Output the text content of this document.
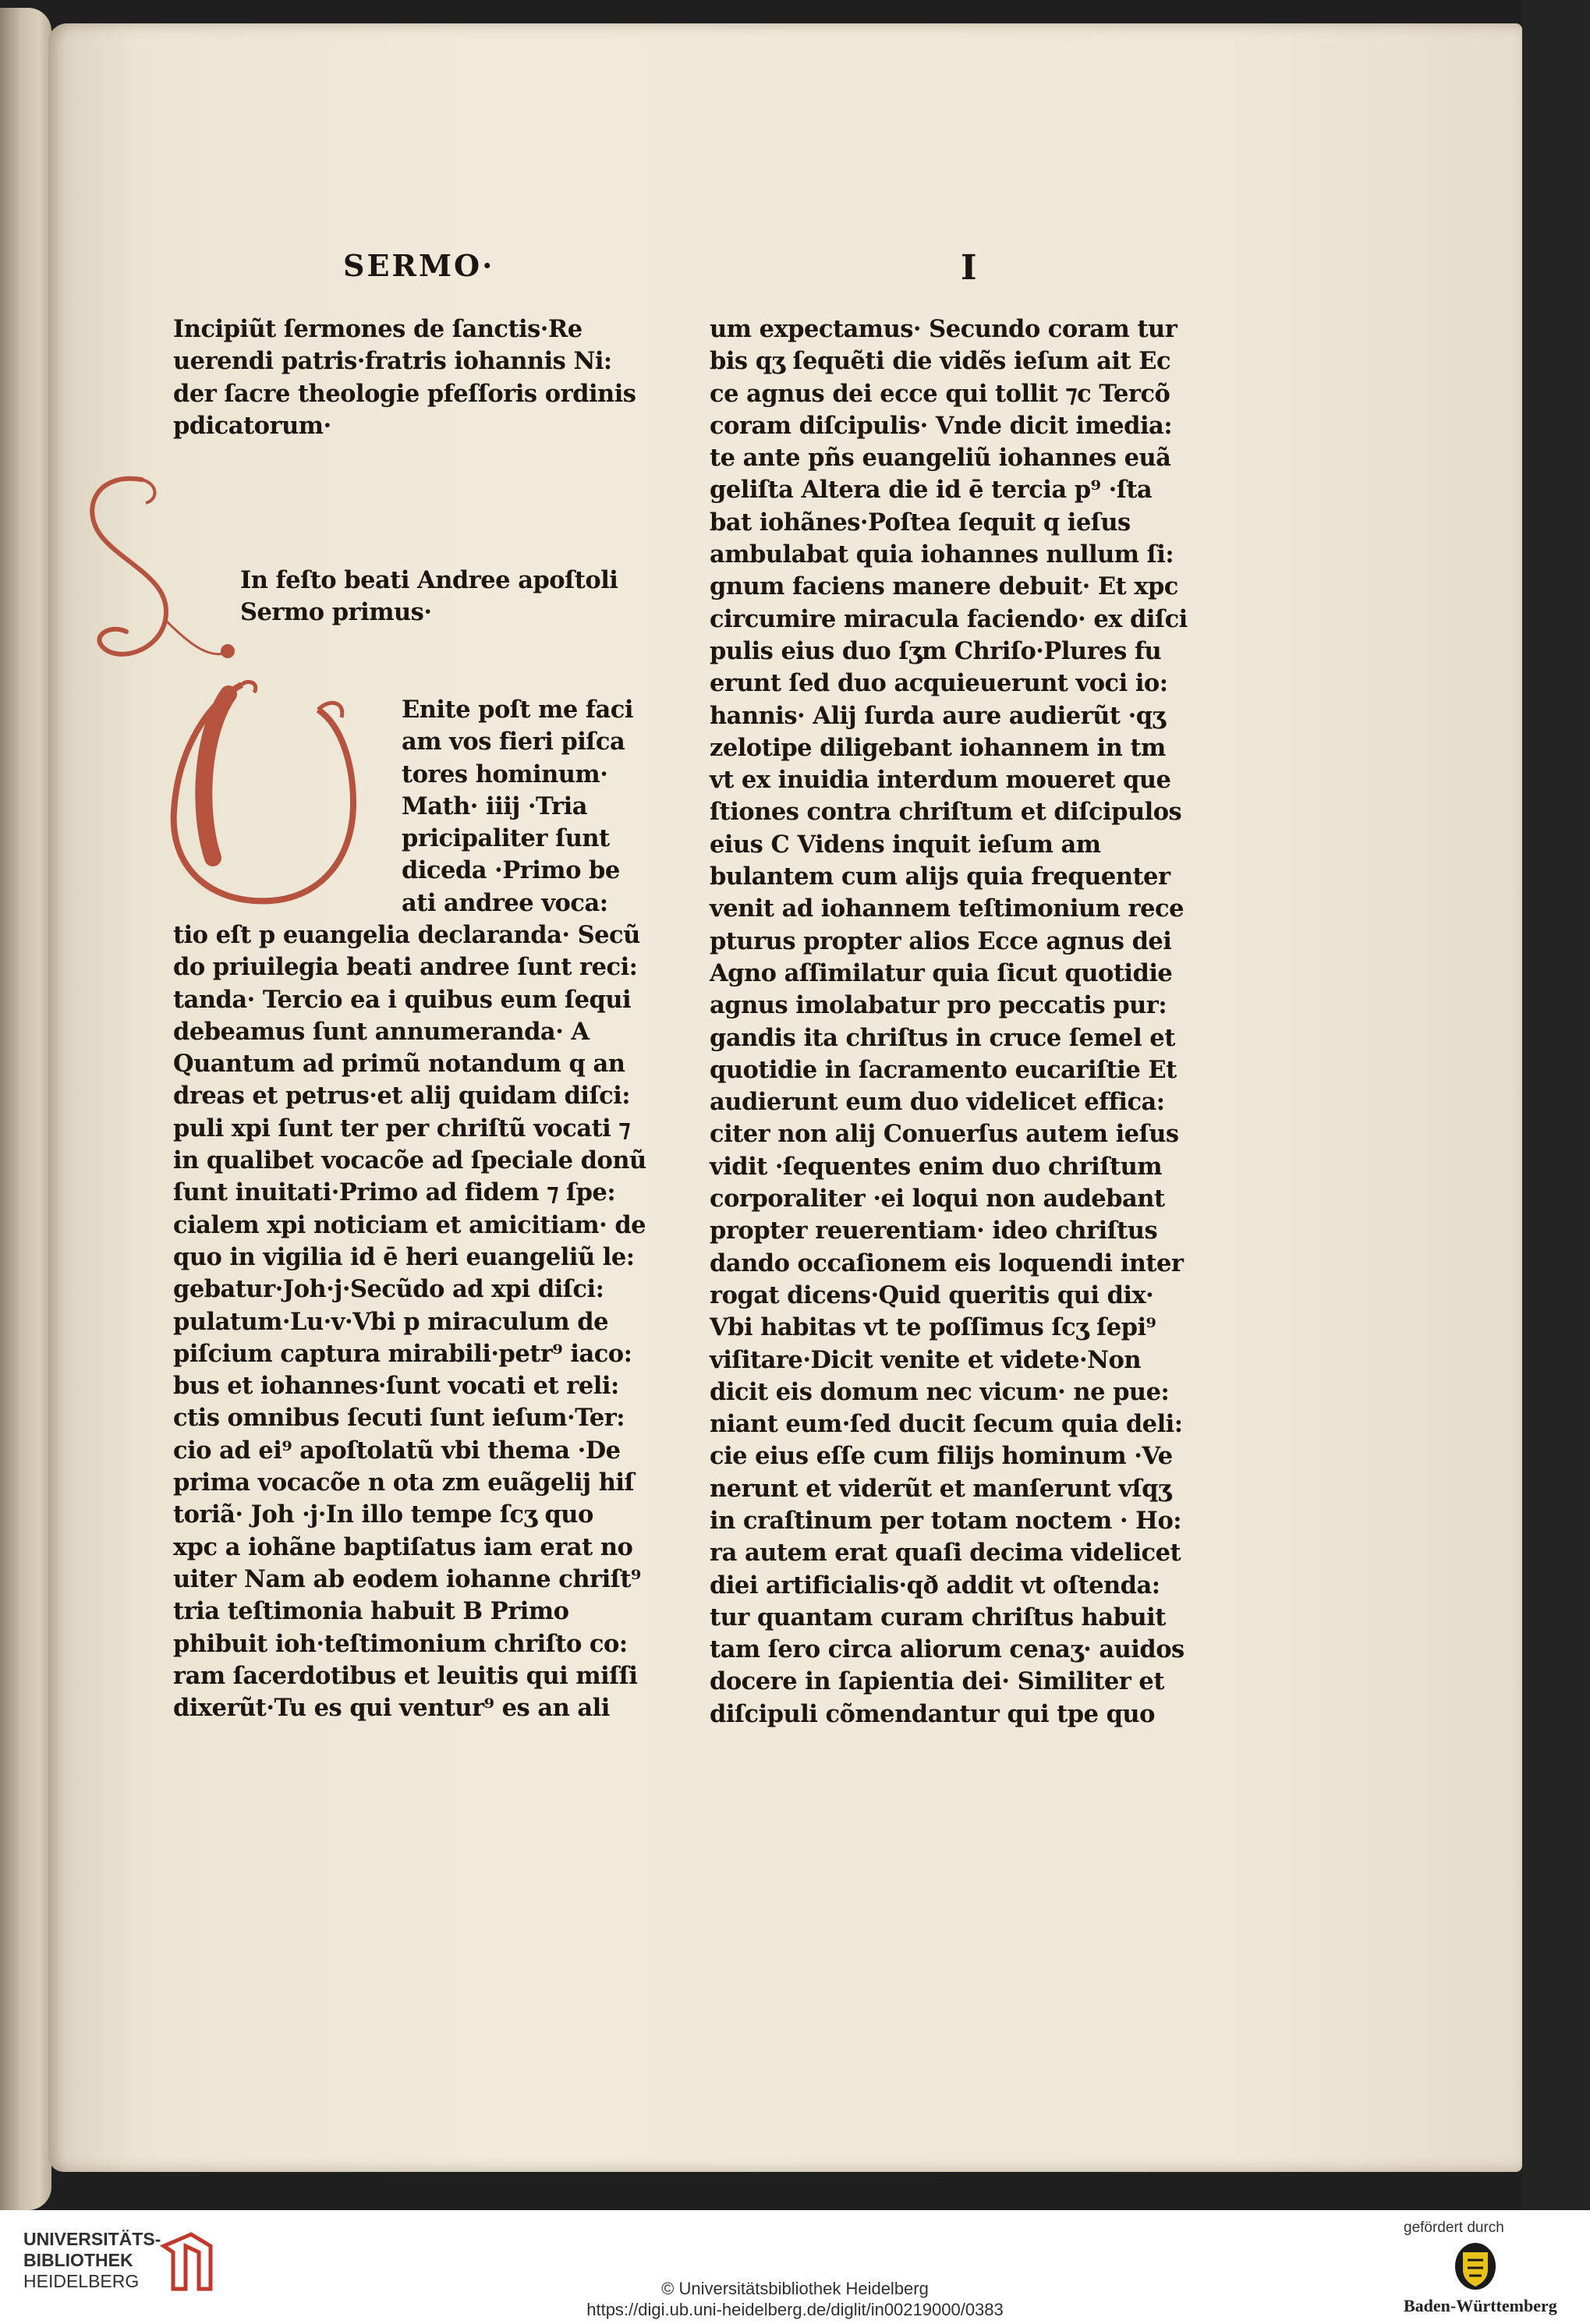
SERMO·	I
Incipiũt ſermones de ſanctis·Re
uerendi patris·fratris iohannis Ni:
der ſacre theologie pfeſſoris ordinis
pdicatorum·
In feſto beati Andree apoſtoli
Sermo primus·
Enite poſt me faci
am vos fieri piſca
tores hominum·
Math· iiij ·Tria
pricipaliter ſunt
diceda ·Primo be
ati andree voca:
tio eſt p euangelia declaranda· Secũ
do priuilegia beati andree ſunt reci:
tanda· Tercio ea i quibus eum ſequi
debeamus ſunt annumeranda· A
Quantum ad primũ notandum q an
dreas et petrus·et alij quidam diſci:
puli xpi ſunt ter per chriſtũ vocati ⁊
in qualibet vocacõe ad ſpeciale donũ
ſunt inuitati·Primo ad fidem ⁊ ſpe:
cialem xpi noticiam et amicitiam· de
quo in vigilia id ē heri euangeliũ le:
gebatur·Joh·j·Secũdo ad xpi diſci:
pulatum·Lu·v·Vbi p miraculum de
piſcium captura mirabili·petr⁹ iaco:
bus et iohannes·ſunt vocati et reli:
ctis omnibus ſecuti ſunt ieſum·Ter:
cio ad ei⁹ apoſtolatũ vbi thema ·De
prima vocacõe n ota zm euãgelij hiſ
toriã· Joh ·j·In illo tempe ſcʒ quo
xpc a iohãne baptiſatus iam erat no
uiter Nam ab eodem iohanne chriſt⁹
tria teſtimonia habuit B Primo
phibuit ioh·teſtimonium chriſto co:
ram ſacerdotibus et leuitis qui miſſi
dixerũt·Tu es qui ventur⁹ es an ali
um expectamus· Secundo coram tur
bis qʒ ſequẽti die vidẽs ieſum ait Ec
ce agnus dei ecce qui tollit ⁊c Tercõ
coram diſcipulis· Vnde dicit imedia:
te ante pñs euangeliũ iohannes euã
geliſta Altera die id ē tercia p⁹ ·ſta
bat iohãnes·Poſtea ſequit q ieſus
ambulabat quia iohannes nullum ſi:
gnum faciens manere debuit· Et xpc
circumire miracula faciendo· ex diſci
pulis eius duo ſʒm Chriſo·Plures fu
erunt ſed duo acquieuerunt voci io:
hannis· Alij ſurda aure audierũt ·qʒ
zelotipe diligebant iohannem in tm
vt ex inuidia interdum moueret que
ſtiones contra chriſtum et diſcipulos
eius C Videns inquit ieſum am
bulantem cum alijs quia frequenter
venit ad iohannem teſtimonium rece
pturus propter alios Ecce agnus dei
Agno aſſimilatur quia ſicut quotidie
agnus imolabatur pro peccatis pur:
gandis ita chriſtus in cruce ſemel et
quotidie in ſacramento eucariſtie Et
audierunt eum duo videlicet effica:
citer non alij Conuerſus autem ieſus
vidit ·ſequentes enim duo chriſtum
corporaliter ·ei loqui non audebant
propter reuerentiam· ideo chriſtus
dando occaſionem eis loquendi inter
rogat dicens·Quid queritis qui dix·
Vbi habitas vt te poſſimus ſcʒ ſepi⁹
viſitare·Dicit venite et videte·Non
dicit eis domum nec vicum· ne pue:
niant eum·ſed ducit ſecum quia deli:
cie eius eſſe cum filijs hominum ·Ve
nerunt et viderũt et manſerunt vſqʒ
in craſtinum per totam noctem · Ho:
ra autem erat quaſi decima videlicet
diei artificialis·qð addit vt oſtenda:
tur quantam curam chriſtus habuit
tam ſero circa aliorum cenaʒ· auidos
docere in ſapientia dei· Similiter et
diſcipuli cõmendantur qui tpe quo
UNIVERSITÄTS-
BIBLIOTHEK
HEIDELBERG	© Universitätsbibliothek Heidelberg
https://digi.ub.uni-heidelberg.de/diglit/in00219000/0383
gefördert durch
Baden-Württemberg
